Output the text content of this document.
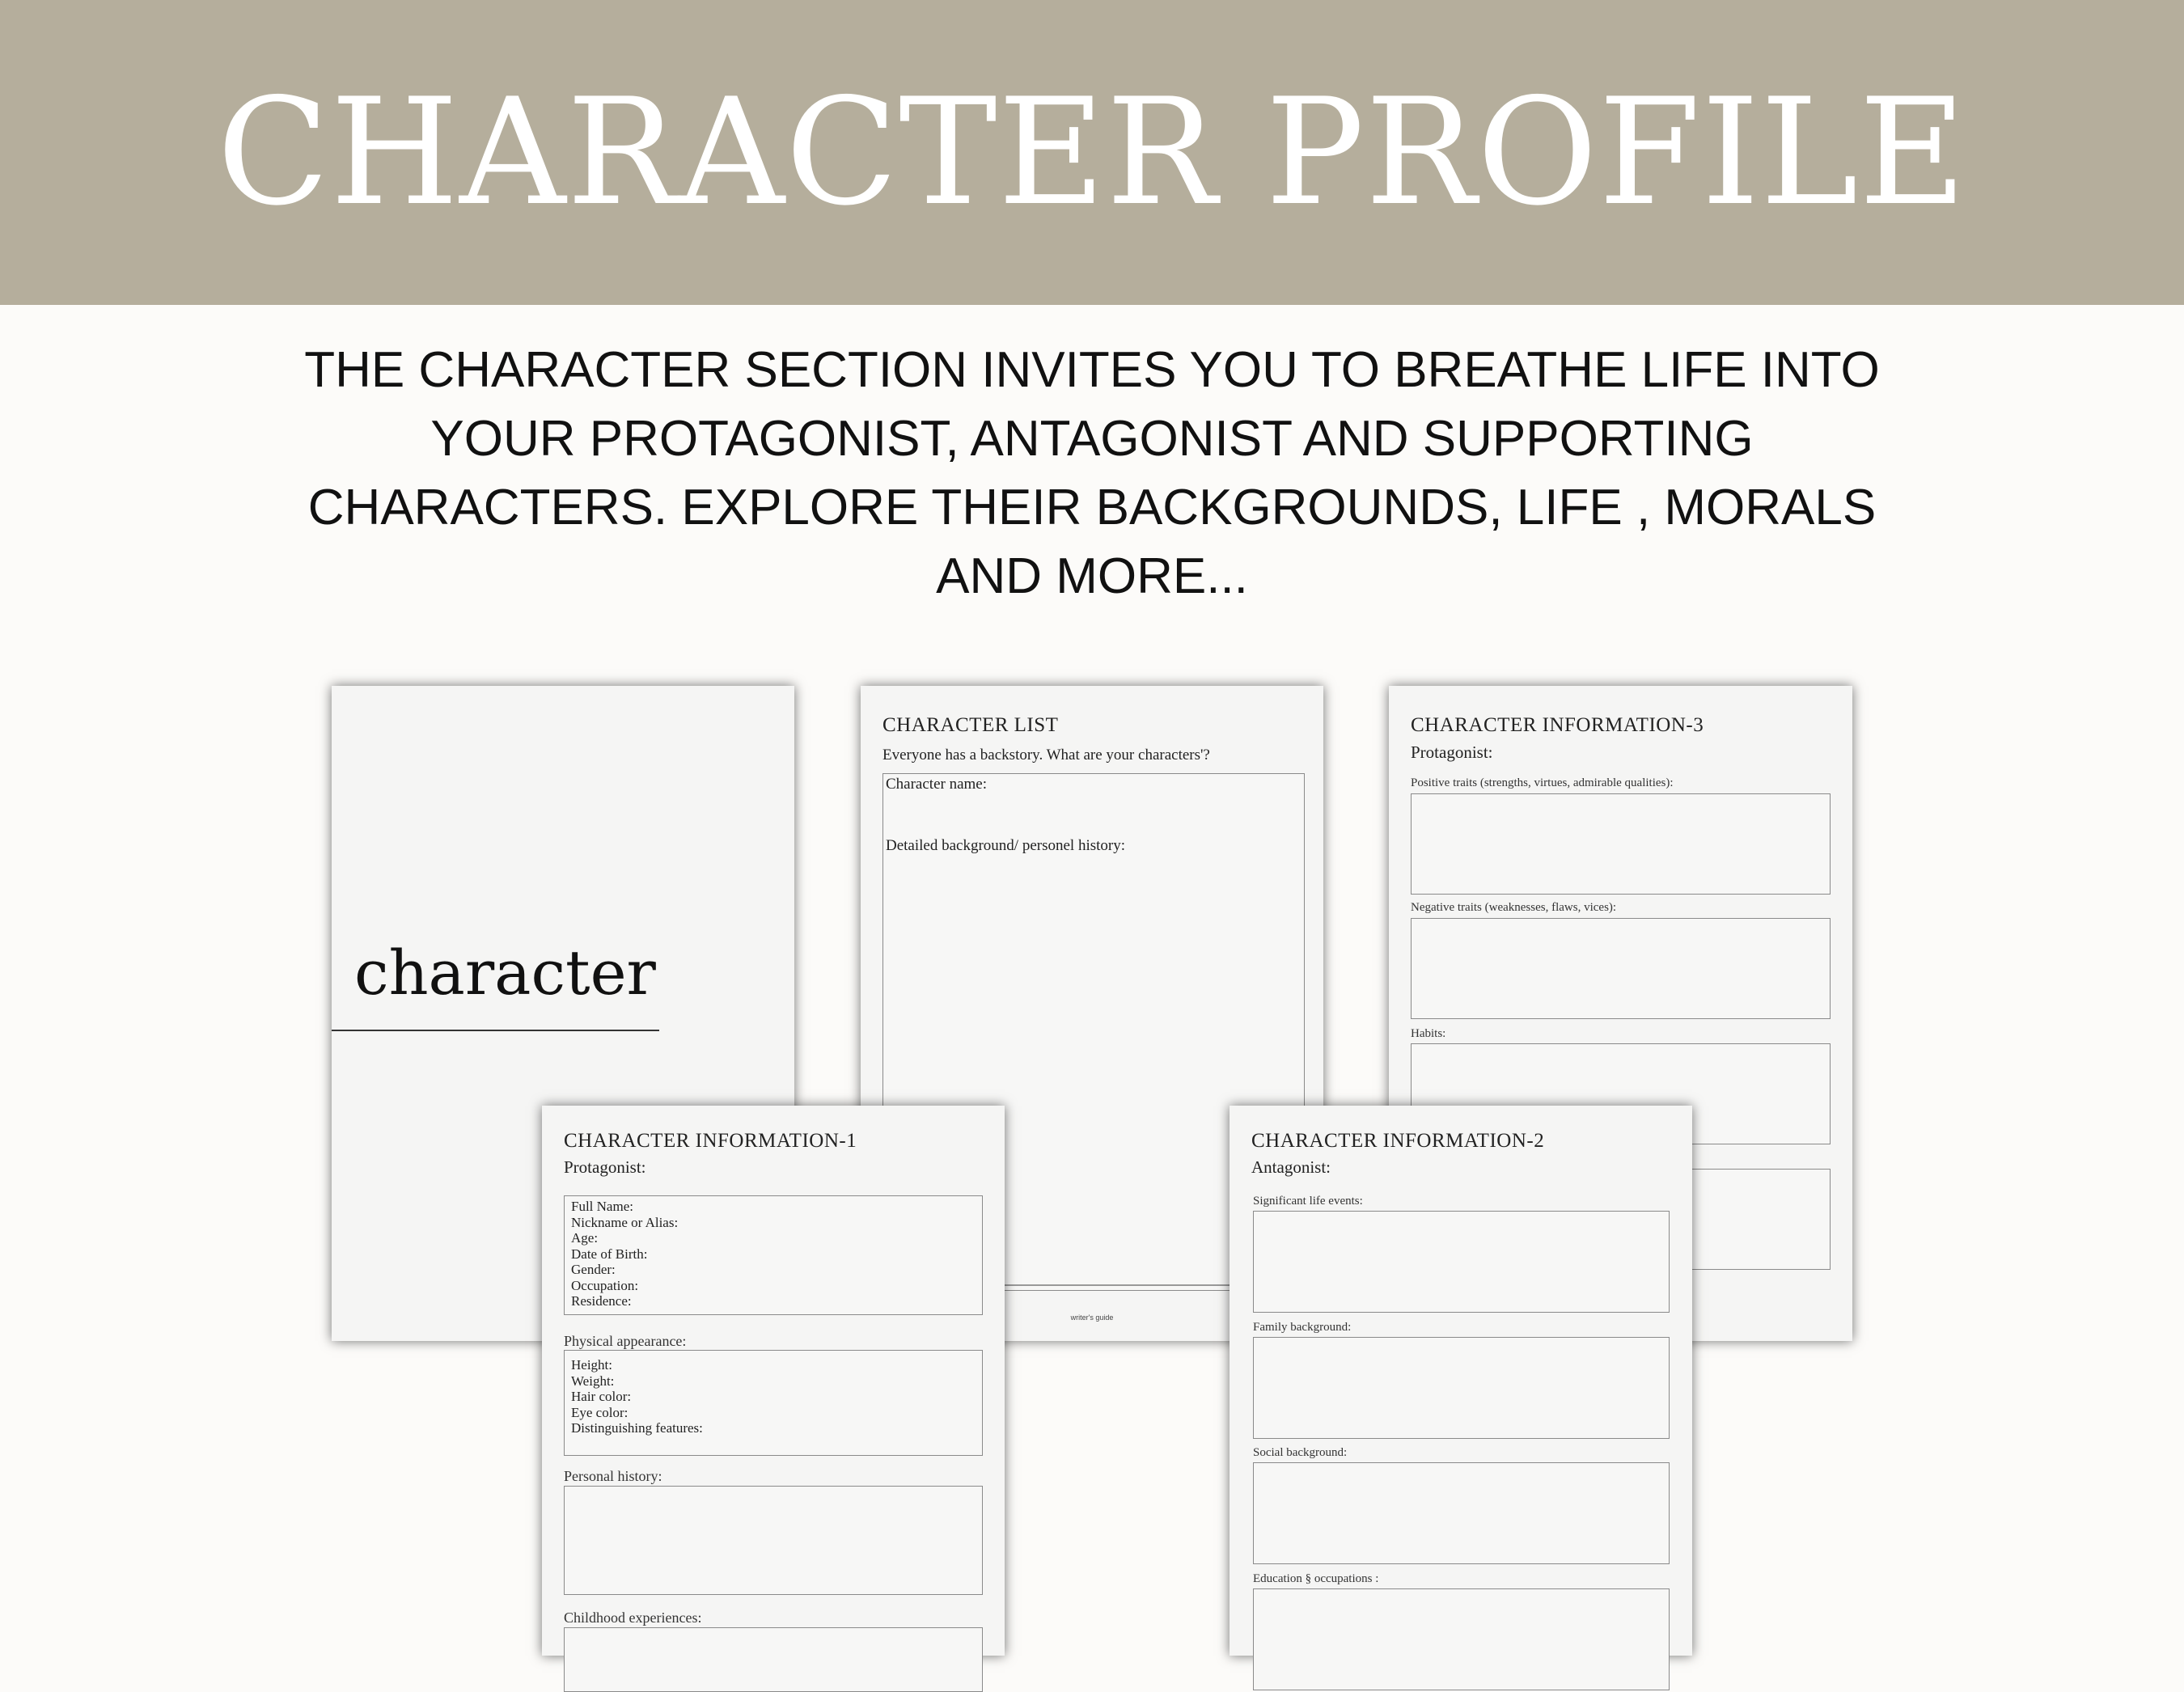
CHARACTER PROFILE
THE CHARACTER SECTION INVITES YOU TO BREATHE LIFE INTO
YOUR PROTAGONIST, ANTAGONIST AND SUPPORTING
CHARACTERS. EXPLORE THEIR BACKGROUNDS, LIFE , MORALS
AND MORE...
character
CHARACTER LIST
Everyone has a backstory. What are your characters'?
Character name:
Detailed background/ personel history:
writer's guide
CHARACTER INFORMATION-3
Protagonist:
Positive traits (strengths, virtues, admirable qualities):
Negative traits (weaknesses, flaws, vices):
Habits:
CHARACTER INFORMATION-1
Protagonist:
Full Name:
Nickname or Alias:
Age:
Date of Birth:
Gender:
Occupation:
Residence:
Physical appearance:
Height:
Weight:
Hair color:
Eye color:
Distinguishing features:
Personal history:
Childhood experiences:
CHARACTER INFORMATION-2
Antagonist:
Significant life events:
Family background:
Social background:
Education § occupations :
